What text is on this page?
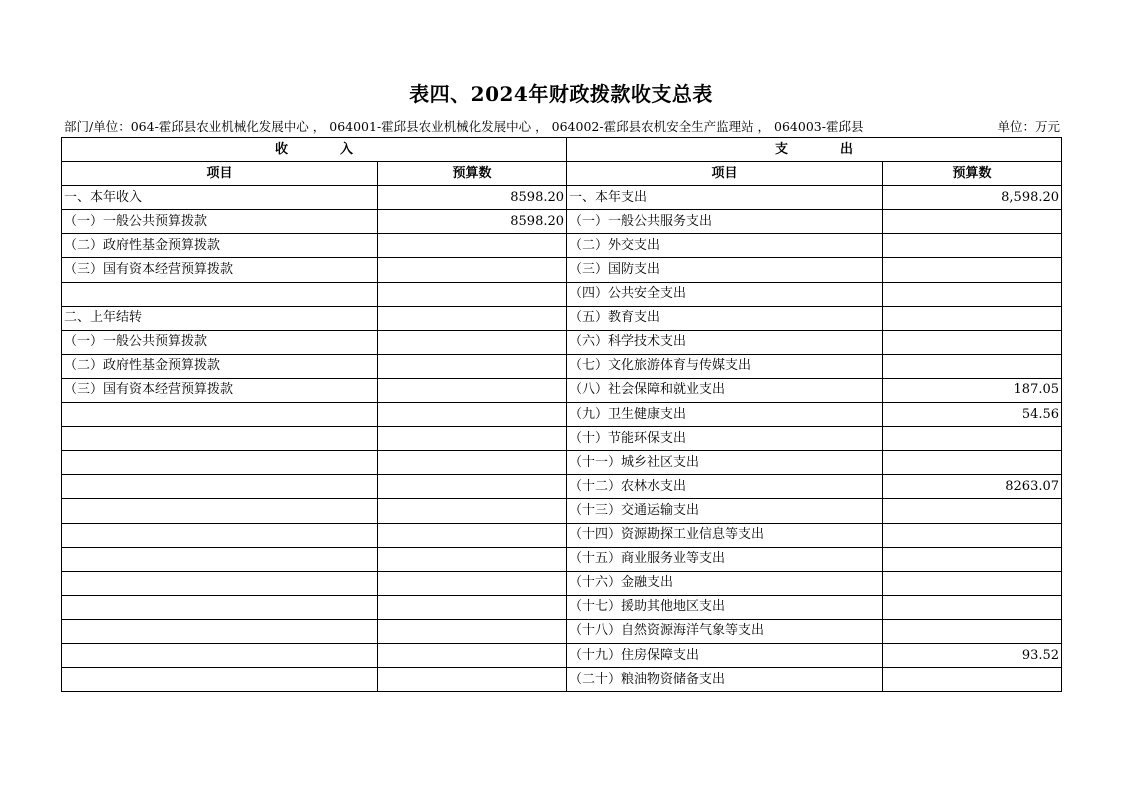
表四、2024年财政拨款收支总表
部门/单位：064-霍邱县农业机械化发展中心 ， 064001-霍邱县农业机械化发展中心 ， 064002-霍邱县农机安全生产监理站 ， 064003-霍邱县	单位：万元
收　　　　入		支　　　　出	
项目	预算数	项目	预算数
一、本年收入	8598.20	一、本年支出	8,598.20
（一）一般公共预算拨款	8598.20	（一）一般公共服务支出	
（二）政府性基金预算拨款		（二）外交支出	
（三）国有资本经营预算拨款		（三）国防支出	
		（四）公共安全支出	
二、上年结转		（五）教育支出	
（一）一般公共预算拨款		（六）科学技术支出	
（二）政府性基金预算拨款		（七）文化旅游体育与传媒支出	
（三）国有资本经营预算拨款		（八）社会保障和就业支出	187.05
		（九）卫生健康支出	54.56
		（十）节能环保支出	
		（十一）城乡社区支出	
		（十二）农林水支出	8263.07
		（十三）交通运输支出	
		（十四）资源勘探工业信息等支出	
		（十五）商业服务业等支出	
		（十六）金融支出	
		（十七）援助其他地区支出	
		（十八）自然资源海洋气象等支出	
		（十九）住房保障支出	93.52
		（二十）粮油物资储备支出	
